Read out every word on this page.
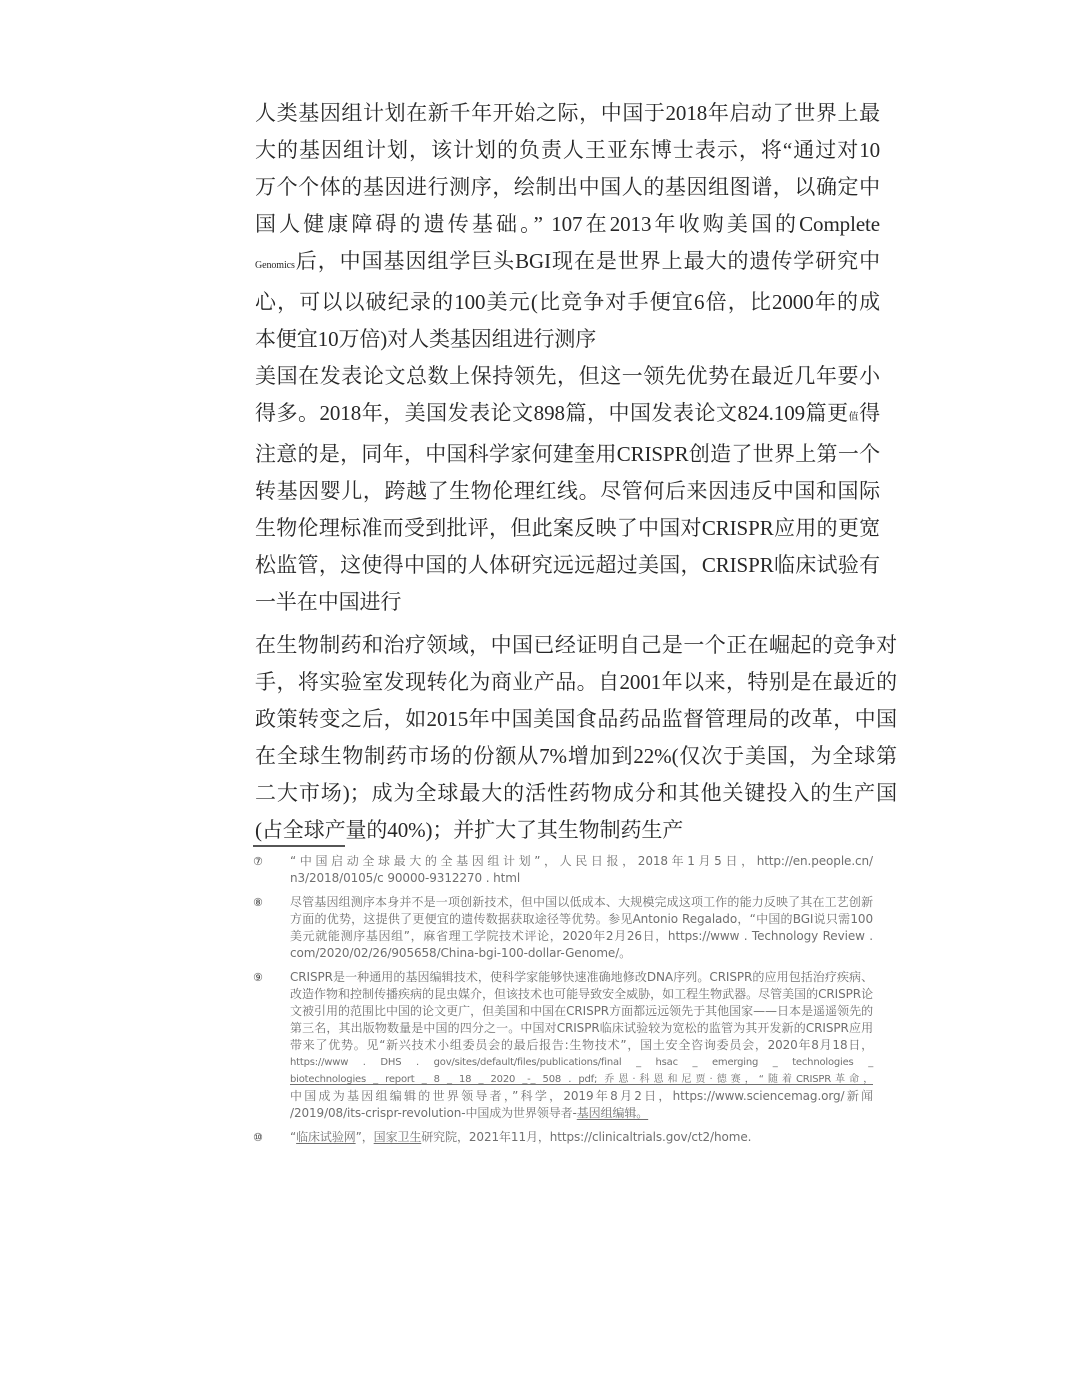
人类基因组计划在新千年开始之际，中国于2018年启动了世界上最
大的基因组计划，该计划的负责人王亚东博士表示，将“通过对10
万个个体的基因进行测序，绘制出中国人的基因组图谱，以确定中
国人健康障碍的遗传基础。” 107在2013年收购美国的Complete
Genomics后，中国基因组学巨头BGI现在是世界上最大的遗传学研究中
心，可以以破纪录的100美元(比竞争对手便宜6倍，比2000年的成
本便宜10万倍)对人类基因组进行测序
美国在发表论文总数上保持领先，但这一领先优势在最近几年要小
得多。2018年，美国发表论文898篇，中国发表论文824.109篇更值得
注意的是，同年，中国科学家何建奎用CRISPR创造了世界上第一个
转基因婴儿，跨越了生物伦理红线。尽管何后来因违反中国和国际
生物伦理标准而受到批评，但此案反映了中国对CRISPR应用的更宽
松监管，这使得中国的人体研究远远超过美国，CRISPR临床试验有
一半在中国进行
在生物制药和治疗领域，中国已经证明自己是一个正在崛起的竞争对
手，将实验室发现转化为商业产品。自2001年以来，特别是在最近的
政策转变之后，如2015年中国美国食品药品监督管理局的改革，中国
在全球生物制药市场的份额从7%增加到22%(仅次于美国，为全球第
二大市场)；成为全球最大的活性药物成分和其他关键投入的生产国
(占全球产量的40%)；并扩大了其生物制药生产
⑦	“中国启动全球最大的全基因组计划”，人民日报，2018年1月5日，http://en.people.cn/
n3/2018/0105/c 90000-9312270 . html
⑧	尽管基因组测序本身并不是一项创新技术，但中国以低成本、大规模完成这项工作的能力反映了其在工艺创新
方面的优势，这提供了更便宜的遗传数据获取途径等优势。参见Antonio Regalado，“中国的BGI说只需100
美元就能测序基因组”，麻省理工学院技术评论，2020年2月26日，https://www . Technology Review .
com/2020/02/26/905658/China-bgi-100-dollar-Genome/。
⑨	CRISPR是一种通用的基因编辑技术，使科学家能够快速准确地修改DNA序列。CRISPR的应用包括治疗疾病、
改造作物和控制传播疾病的昆虫媒介，但该技术也可能导致安全威胁，如工程生物武器。尽管美国的CRISPR论
文被引用的范围比中国的论文更广，但美国和中国在CRISPR方面都远远领先于其他国家——日本是遥遥领先的
第三名，其出版物数量是中国的四分之一。中国对CRISPR临床试验较为宽松的监管为其开发新的CRISPR应用
带来了优势。见“新兴技术小组委员会的最后报告:生物技术”，国土安全咨询委员会，2020年8月18日，
https://www . DHS . gov/sites/default/files/publications/final _ hsac _ emerging _ technologies _
biotechnologies _ report _ 8 _ 18 _ 2020 _-_ 508 . pdf; 乔恩·科恩和尼贾·德赛，“随着CRISPR革命，
中国成为基因组编辑的世界领导者，”科学，2019年8月2日，https://www.sciencemag.org/新闻
/2019/08/its-crispr-revolution-中国成为世界领导者-基因组编辑。
⑩	“临床试验网”，国家卫生研究院，2021年11月，https://clinicaltrials.gov/ct2/home.
